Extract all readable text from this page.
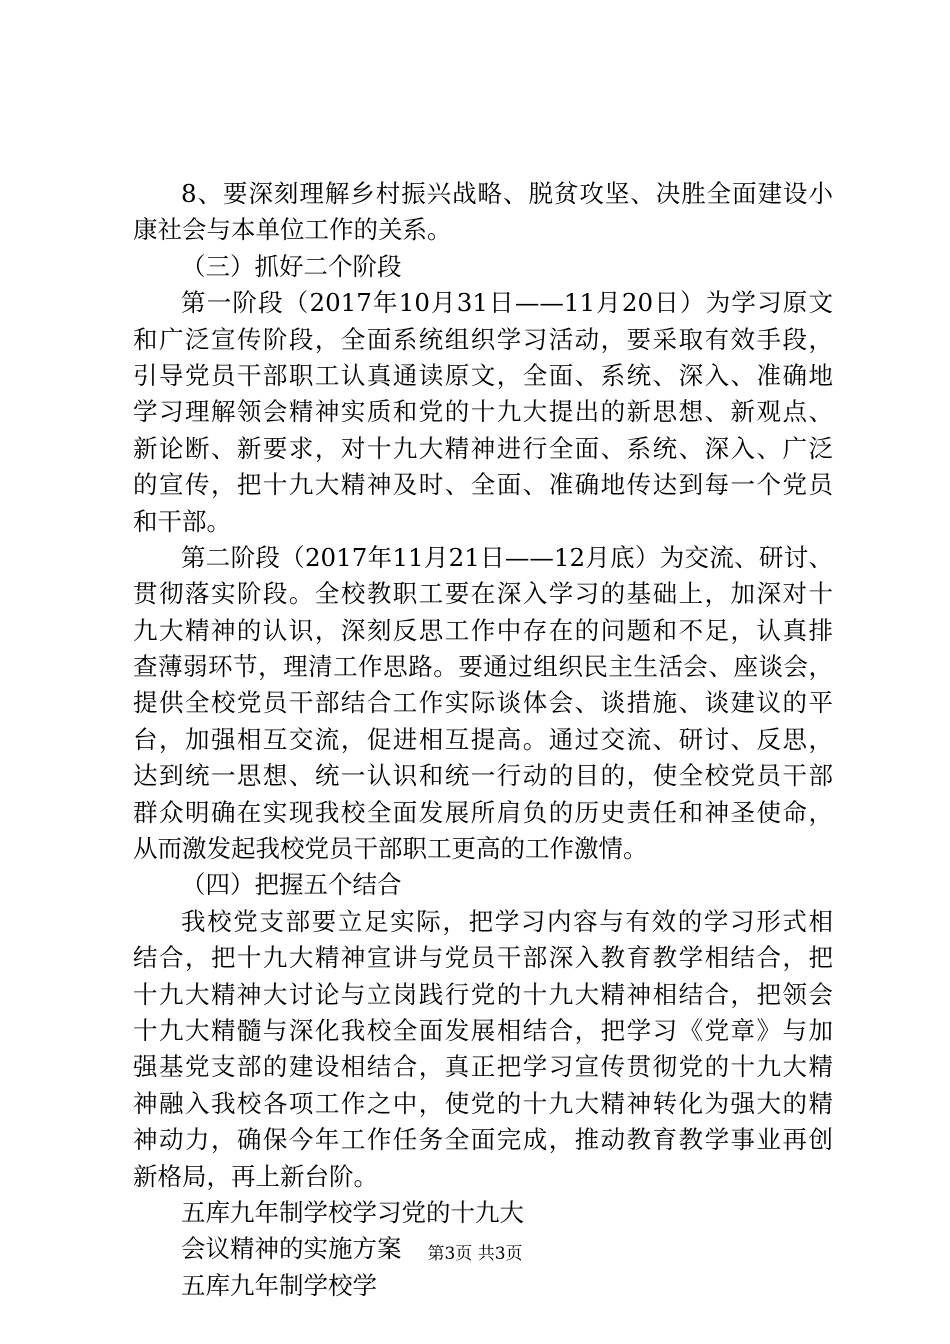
8、要深刻理解乡村振兴战略、脱贫攻坚、决胜全面建设小
康社会与本单位工作的关系。
（三）抓好二个阶段
第一阶段（2017年10月31日——11月20日）为学习原文
和广泛宣传阶段，全面系统组织学习活动，要采取有效手段，
引导党员干部职工认真通读原文，全面、系统、深入、准确地
学习理解领会精神实质和党的十九大提出的新思想、新观点、
新论断、新要求，对十九大精神进行全面、系统、深入、广泛
的宣传，把十九大精神及时、全面、准确地传达到每一个党员
和干部。
第二阶段（2017年11月21日——12月底）为交流、研讨、
贯彻落实阶段。全校教职工要在深入学习的基础上，加深对十
九大精神的认识，深刻反思工作中存在的问题和不足，认真排
查薄弱环节，理清工作思路。要通过组织民主生活会、座谈会，
提供全校党员干部结合工作实际谈体会、谈措施、谈建议的平
台，加强相互交流，促进相互提高。通过交流、研讨、反思，
达到统一思想、统一认识和统一行动的目的，使全校党员干部
群众明确在实现我校全面发展所肩负的历史责任和神圣使命，
从而激发起我校党员干部职工更高的工作激情。
（四）把握五个结合
我校党支部要立足实际，把学习内容与有效的学习形式相
结合，把十九大精神宣讲与党员干部深入教育教学相结合，把
十九大精神大讨论与立岗践行党的十九大精神相结合，把领会
十九大精髓与深化我校全面发展相结合，把学习《党章》与加
强基党支部的建设相结合，真正把学习宣传贯彻党的十九大精
神融入我校各项工作之中，使党的十九大精神转化为强大的精
神动力，确保今年工作任务全面完成，推动教育教学事业再创
新格局，再上新台阶。
五库九年制学校学习党的十九大
会议精神的实施方案
五库九年制学校学
第3页 共3页
